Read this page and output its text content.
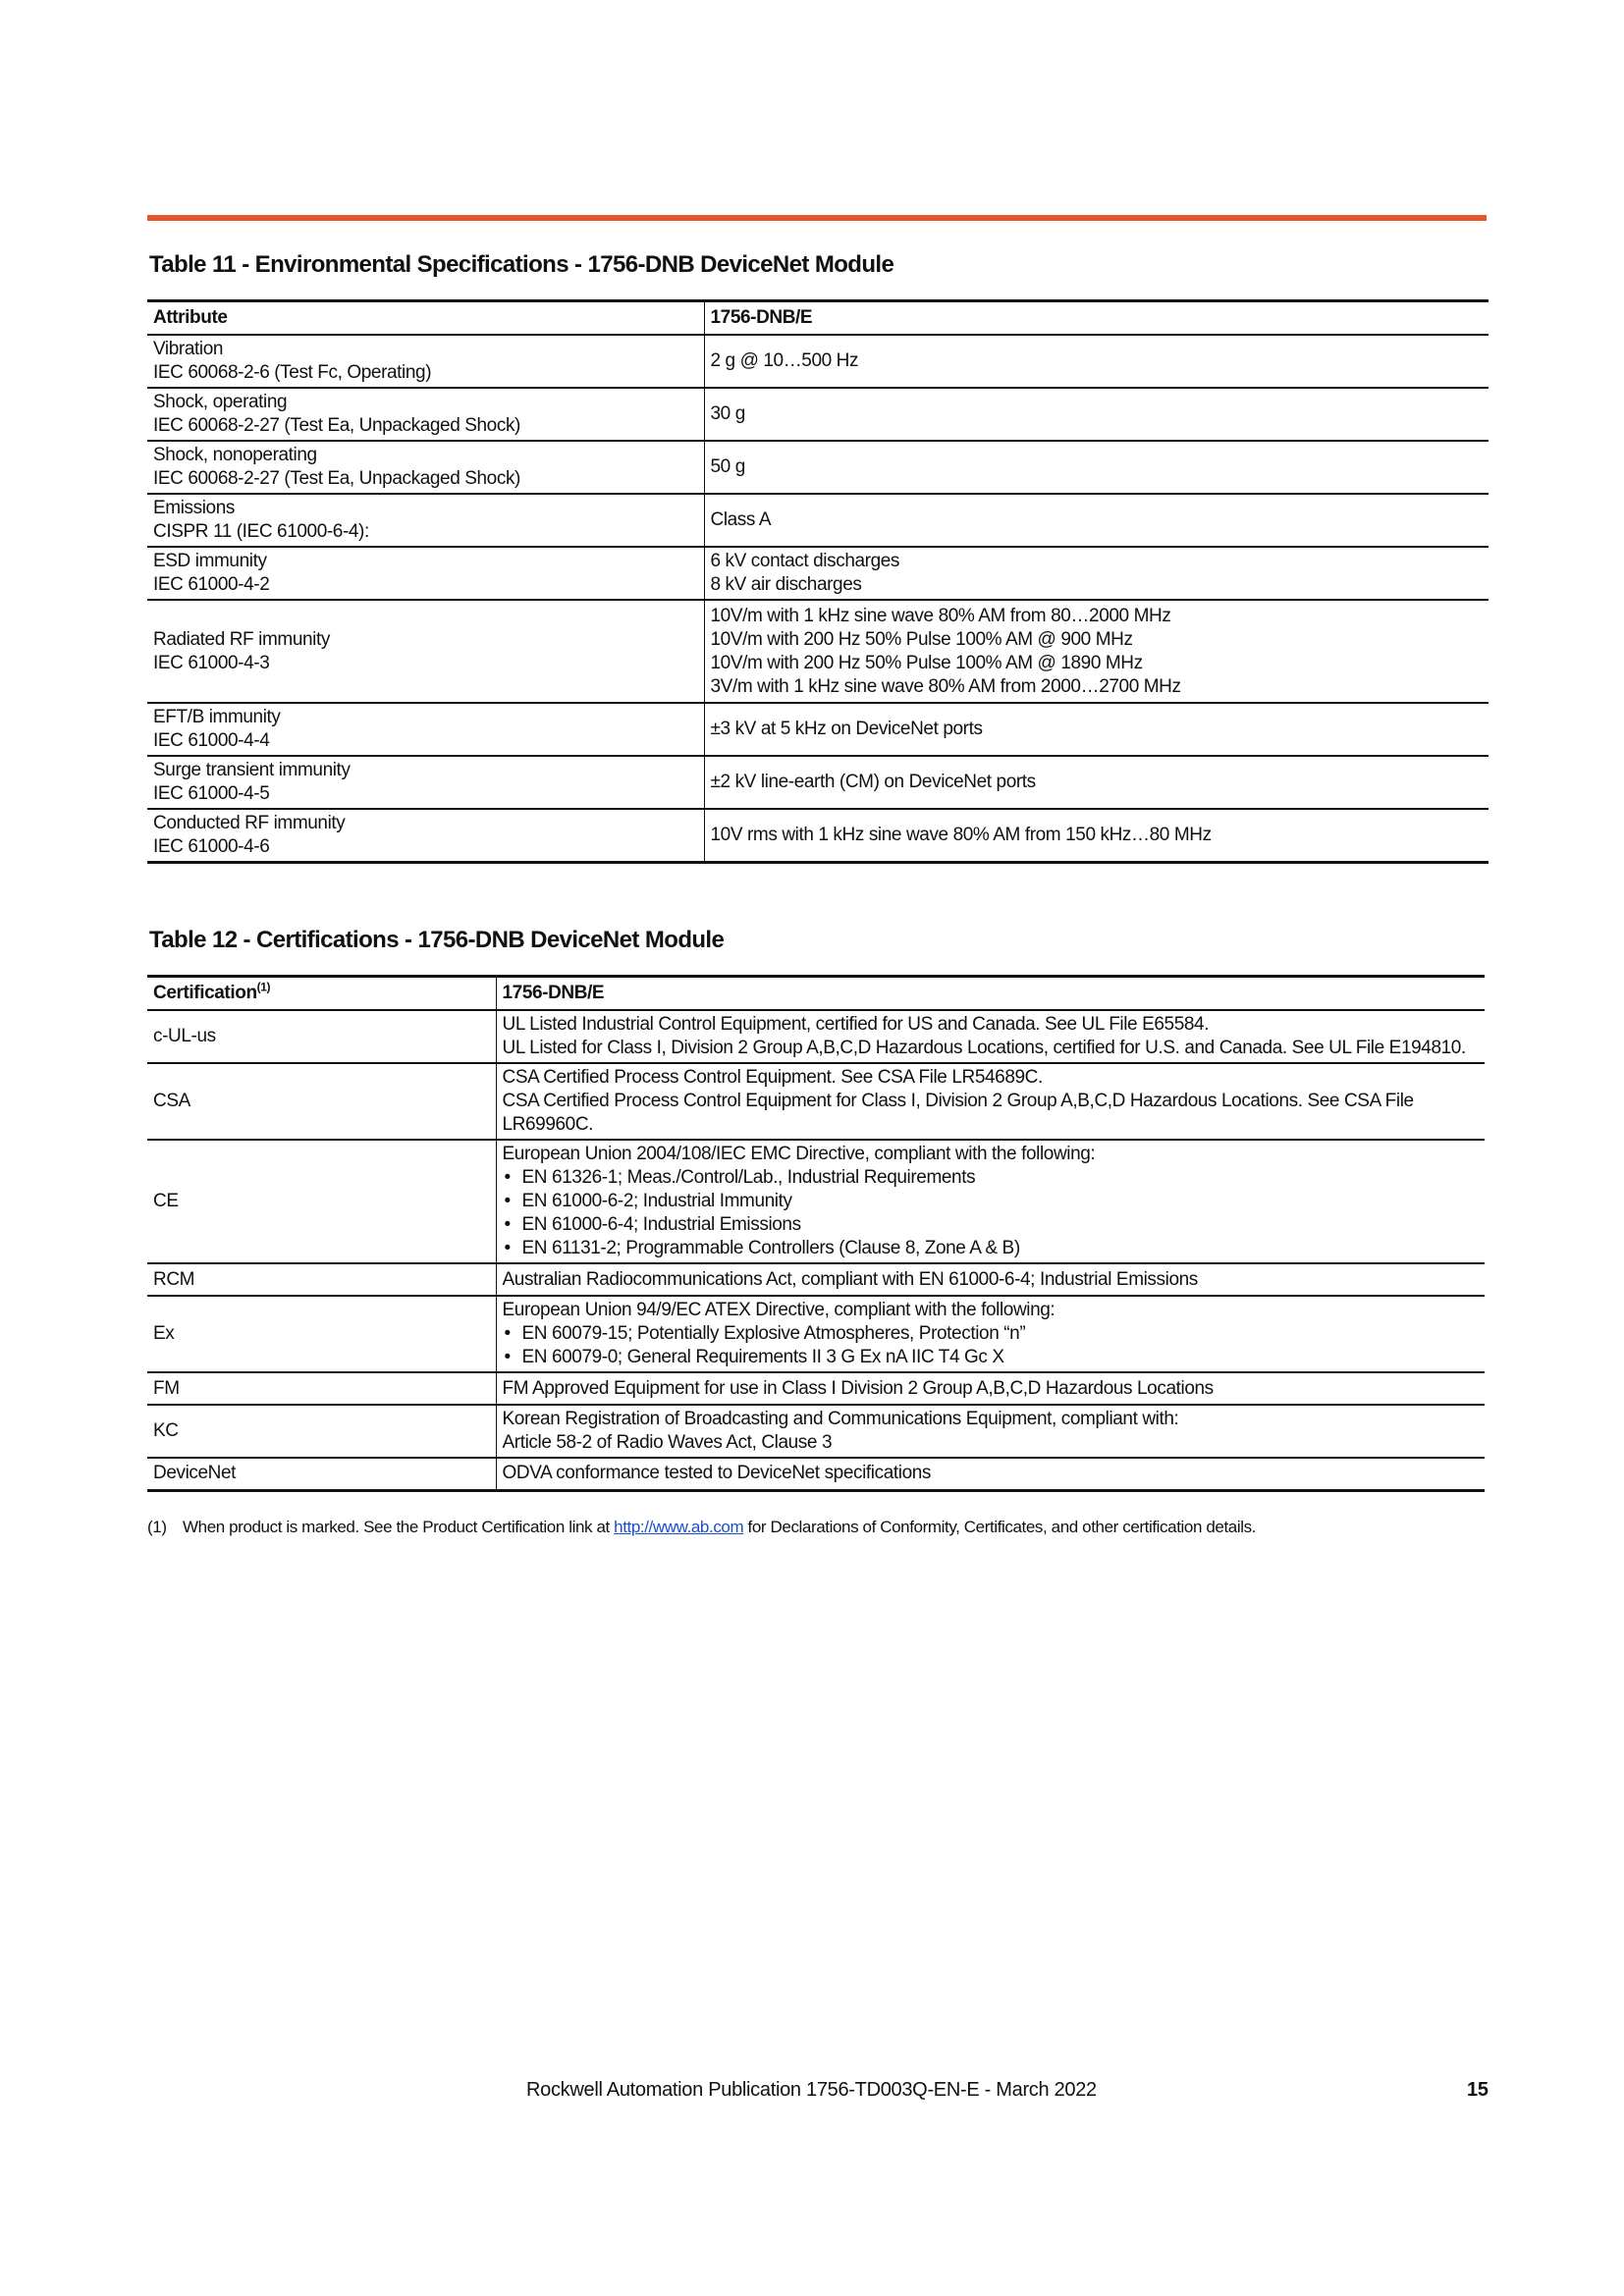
Table 11 - Environmental Specifications - 1756-DNB DeviceNet Module
Attribute	1756-DNB/E

Vibration
IEC 60068-2-6 (Test Fc, Operating)	2 g @ 10…500 Hz

Shock, operating
IEC 60068-2-27 (Test Ea, Unpackaged Shock)	30 g

Shock, nonoperating
IEC 60068-2-27 (Test Ea, Unpackaged Shock)	50 g

Emissions
CISPR 11 (IEC 61000-6-4):	Class A

ESD immunity
IEC 61000-4-2	6 kV contact discharges
8 kV air discharges

Radiated RF immunity
IEC 61000-4-3	10V/m with 1 kHz sine wave 80% AM from 80…2000 MHz
10V/m with 200 Hz 50% Pulse 100% AM @ 900 MHz
10V/m with 200 Hz 50% Pulse 100% AM @ 1890 MHz
3V/m with 1 kHz sine wave 80% AM from 2000…2700 MHz

EFT/B immunity
IEC 61000-4-4	±3 kV at 5 kHz on DeviceNet ports

Surge transient immunity
IEC 61000-4-5	±2 kV line-earth (CM) on DeviceNet ports

Conducted RF immunity
IEC 61000-4-6	10V rms with 1 kHz sine wave 80% AM from 150 kHz…80 MHz
Table 12 - Certifications - 1756-DNB DeviceNet Module
Certification$^{(1)}$	1756-DNB/E
c-UL-us	UL Listed Industrial Control Equipment, certified for US and Canada. See UL File E65584.
UL Listed for Class I, Division 2 Group A,B,C,D Hazardous Locations, certified for U.S. and Canada. See UL File E194810.

CSA	CSA Certified Process Control Equipment. See CSA File LR54689C.
CSA Certified Process Control Equipment for Class I, Division 2 Group A,B,C,D Hazardous Locations. See CSA File LR69960C.

CE	European Union 2004/108/IEC EMC Directive, compliant with the following:
• EN 61326-1; Meas./Control/Lab., Industrial Requirements
• EN 61000-6-2; Industrial Immunity
• EN 61000-6-4; Industrial Emissions
• EN 61131-2; Programmable Controllers (Clause 8, Zone A & B)

RCM	Australian Radiocommunications Act, compliant with EN 61000-6-4; Industrial Emissions

Ex	European Union 94/9/EC ATEX Directive, compliant with the following:
• EN 60079-15; Potentially Explosive Atmospheres, Protection “n”
• EN 60079-0; General Requirements II 3 G Ex nA IIC T4 Gc X

FM	FM Approved Equipment for use in Class I Division 2 Group A,B,C,D Hazardous Locations

KC	Korean Registration of Broadcasting and Communications Equipment, compliant with:
Article 58-2 of Radio Waves Act, Clause 3

DeviceNet	ODVA conformance tested to DeviceNet specifications
(1) When product is marked. See the Product Certification link at http://www.ab.com for Declarations of Conformity, Certificates, and other certification details.
Rockwell Automation Publication 1756-TD003Q-EN-E - March 2022	15
